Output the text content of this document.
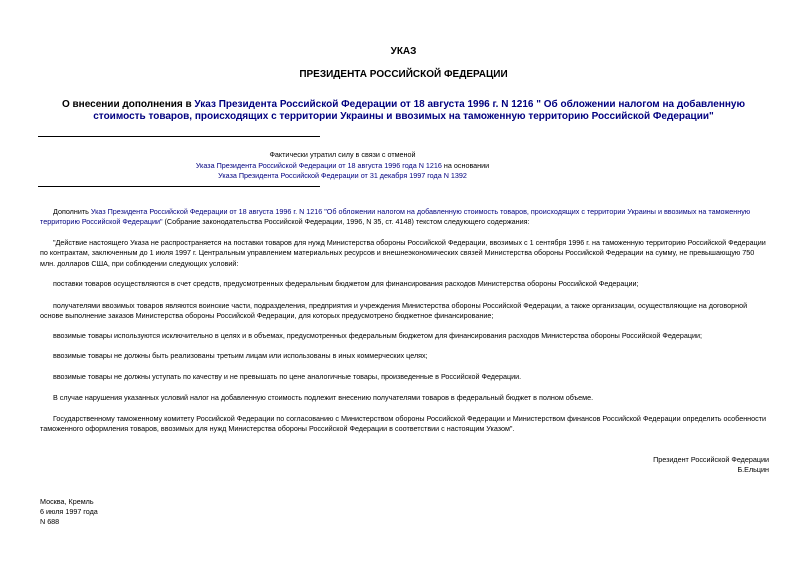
УКАЗ
ПРЕЗИДЕНТА РОССИЙСКОЙ ФЕДЕРАЦИИ
О внесении дополнения в Указ Президента Российской Федерации от 18 августа 1996 г. N 1216 " Об обложении налогом на добавленную стоимость товаров, происходящих с территории Украины и ввозимых на таможенную территорию Российской Федерации"
Фактически утратил силу в связи с отменой
Указа Президента Российской Федерации от 18 августа 1996 года N 1216 на основании
Указа Президента Российской Федерации от 31 декабря 1997 года N 1392

Дополнить Указ Президента Российской Федерации от 18 августа 1996 г. N 1216 "Об обложении налогом на добавленную стоимость товаров, происходящих с территории Украины и ввозимых на таможенную территорию Российской Федерации" (Собрание законодательства Российской Федерации, 1996, N 35, ст. 4148) текстом следующего содержания:

"Действие настоящего Указа не распространяется на поставки товаров для нужд Министерства обороны Российской Федерации, ввозимых с 1 сентября 1996 г. на таможенную территорию Российской Федерации по контрактам, заключенным до 1 июля 1997 г. Центральным управлением материальных ресурсов и внешнеэкономических связей Министерства обороны Российской Федерации на сумму, не превышающую 750 млн. долларов США, при соблюдении следующих условий:

поставки товаров осуществляются в счет средств, предусмотренных федеральным бюджетом для финансирования расходов Министерства обороны Российской Федерации;

получателями ввозимых товаров являются воинские части, подразделения, предприятия и учреждения Министерства обороны Российской Федерации, а также организации, осуществляющие на договорной основе выполнение заказов Министерства обороны Российской Федерации, для которых предусмотрено бюджетное финансирование;

ввозимые товары используются исключительно в целях и в объемах, предусмотренных федеральным бюджетом для финансирования расходов Министерства обороны Российской Федерации;

ввозимые товары не должны быть реализованы третьим лицам или использованы в иных коммерческих целях;

ввозимые товары не должны уступать по качеству и не превышать по цене аналогичные товары, произведенные в Российской Федерации.

В случае нарушения указанных условий налог на добавленную стоимость подлежит внесению получателями товаров в федеральный бюджет в полном объеме.

Государственному таможенному комитету Российской Федерации по согласованию с Министерством обороны Российской Федерации и Министерством финансов Российской Федерации определить особенности таможенного оформления товаров, ввозимых для нужд Министерства обороны Российской Федерации в соответствии с настоящим Указом".

Президент Российской Федерации
Б.Ельцин
Москва, Кремль
6 июля 1997 года
N 688
